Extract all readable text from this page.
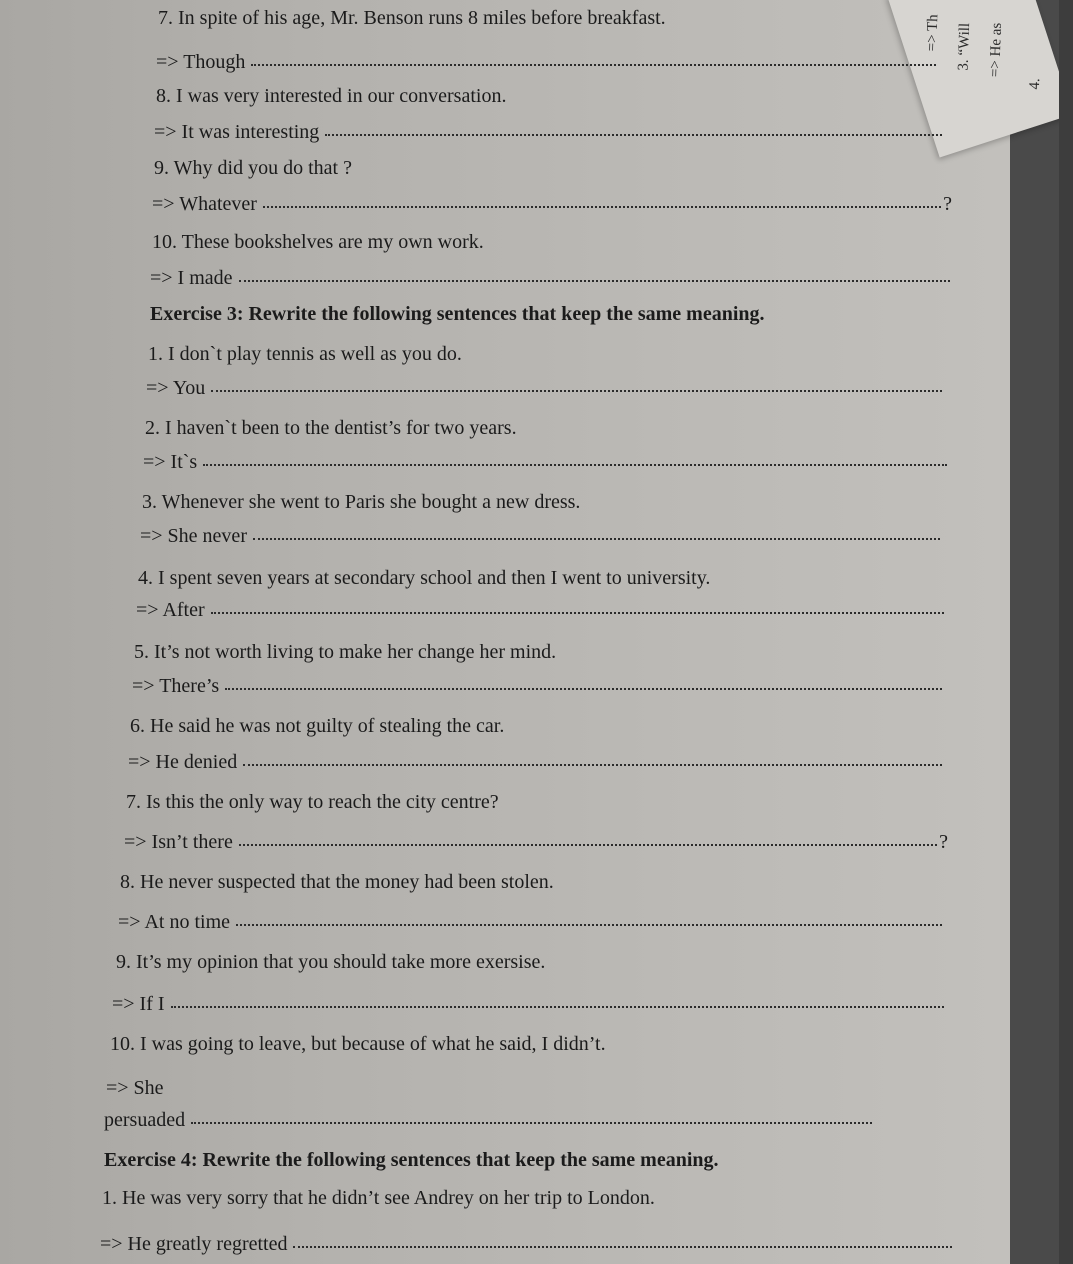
=> Th 3. “Will => He as
4.
7. In spite of his age, Mr. Benson runs 8 miles before breakfast.
=> Though
8. I was very interested in our conversation.
=> It was interesting
9. Why did you do that ?
=> Whatever	?
10. These bookshelves are my own work.
=> I made
Exercise 3: Rewrite the following sentences that keep the same meaning.
1. I don`t play tennis as well as you do.
=> You
2. I haven`t been to the dentist’s for two years.
=> It`s
3. Whenever she went to Paris she bought a new dress.
=> She never
4. I spent seven years at secondary school and then I went to university.
=> After
5. It’s not worth living to make her change her mind.
=> There’s
6. He said he was not guilty of stealing the car.
=> He denied
7. Is this the only way to reach the city centre?
=> Isn’t there	?
8. He never suspected that the money had been stolen.
=> At no time
9. It’s my opinion that you should take more exersise.
=> If I
10. I was going to leave, but because of what he said, I didn’t.
=> She
persuaded
Exercise 4: Rewrite the following sentences that keep the same meaning.
1. He was very sorry that he didn’t see Andrey on her trip to London.
=> He greatly regretted
